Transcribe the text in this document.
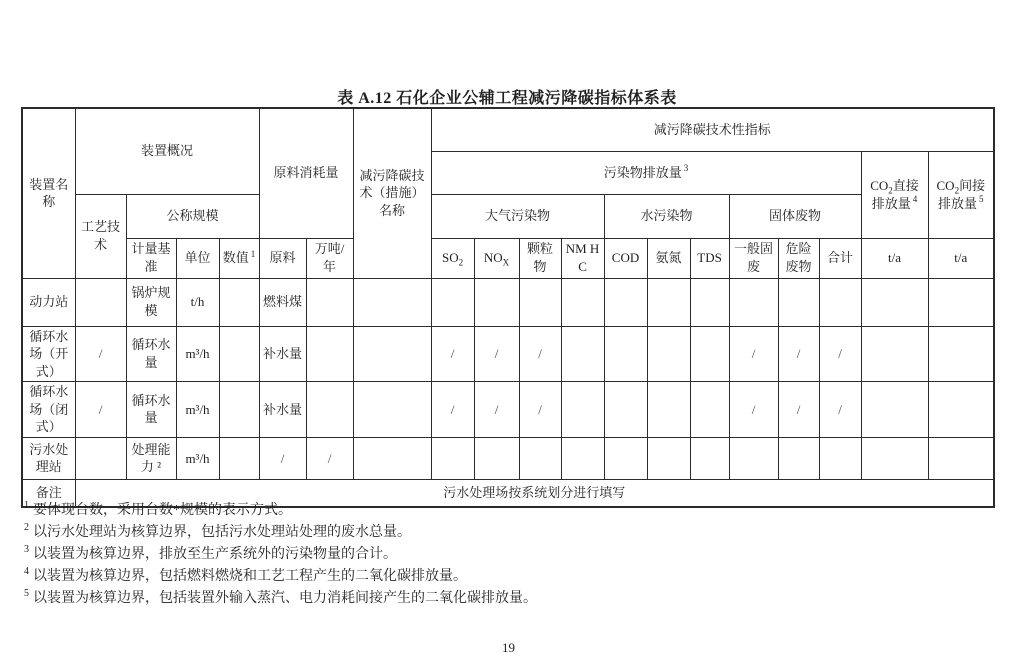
表 A.12 石化企业公辅工程减污降碳指标体系表
装置名称	装置概况				原料消耗量		减污降碳技术（措施）名称	减污降碳技术性指标											
								污染物排放量 $^3$										$CO_2$直接排放量 $^4$	$CO_2$间接排放量 $^5$
	工艺技术	公称规模						大气污染物				水污染物			固体废物				
		计量基准	单位	数值 $^1$	原料	万吨/年		$SO_2$	$NO_X$	颗粒物	NM HC	COD	氨氮	TDS	一般固废	危险废物	合计	t/a	t/a
动力站		锅炉规模	t/h		燃料煤														
循环水场（开式）	/	循环水量	m³/h		补水量			/	/	/					/	/	/		
循环水场（闭式）	/	循环水量	m³/h		补水量			/	/	/					/	/	/		
污水处理站		处理能力 ²	m³/h		/	/													
备注	污水处理场按系统划分进行填写																		
$^1$ 要体现台数，采用台数*规模的表示方式。
$^2$ 以污水处理站为核算边界，包括污水处理站处理的废水总量。
$^3$ 以装置为核算边界，排放至生产系统外的污染物量的合计。
$^4$ 以装置为核算边界，包括燃料燃烧和工艺工程产生的二氧化碳排放量。
$^5$ 以装置为核算边界，包括装置外输入蒸汽、电力消耗间接产生的二氧化碳排放量。
19
